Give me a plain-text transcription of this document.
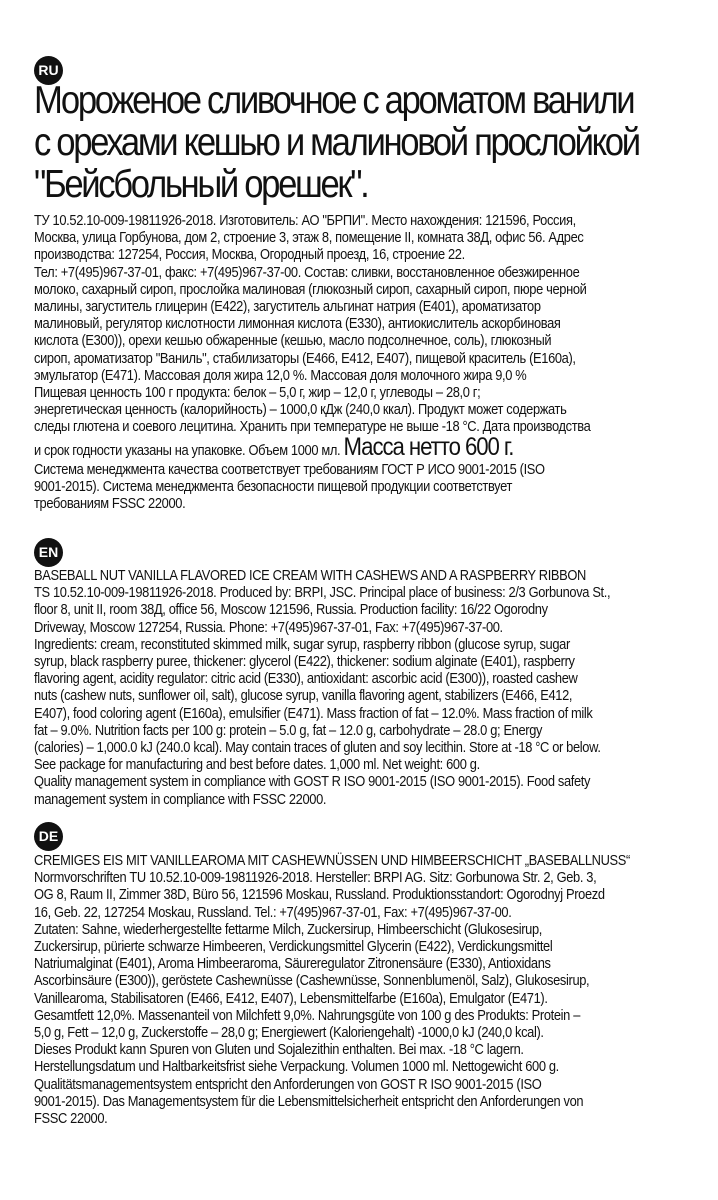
RU
Мороженое сливочное с ароматом ванили
с орехами кешью и малиновой прослойкой
"Бейсбольный орешек".
ТУ 10.52.10-009-19811926-2018. Изготовитель: АО "БРПИ". Место нахождения: 121596, Россия,
Москва, улица Горбунова, дом 2, строение 3, этаж 8, помещение II, комната 38Д, офис 56. Адрес
производства: 127254, Россия, Москва, Огородный проезд, 16, строение 22.
Тел: +7(495)967-37-01, факс: +7(495)967-37-00. Состав: сливки, восстановленное обезжиренное
молоко, сахарный сироп, прослойка малиновая (глюкозный сироп, сахарный сироп, пюре черной
малины, загуститель глицерин (Е422), загуститель альгинат натрия (Е401), ароматизатор
малиновый, регулятор кислотности лимонная кислота (Е330), антиокислитель аскорбиновая
кислота (Е300)), орехи кешью обжаренные (кешью, масло подсолнечное, соль), глюкозный
сироп, ароматизатор "Ваниль", стабилизаторы (Е466, Е412, Е407), пищевой краситель (Е160а),
эмульгатор (Е471). Массовая доля жира 12,0 %. Массовая доля молочного жира 9,0 %
Пищевая ценность 100 г продукта: белок – 5,0 г, жир – 12,0 г, углеводы – 28,0 г;
энергетическая ценность (калорийность) – 1000,0 кДж (240,0 ккал). Продукт может содержать
следы глютена и соевого лецитина. Хранить при температуре не выше -18 °С. Дата производства
и срок годности указаны на упаковке. Объем 1000 мл. Масса нетто 600 г.
Система менеджмента качества соответствует требованиям ГОСТ Р ИСО 9001-2015 (ISO
9001-2015). Система менеджмента безопасности пищевой продукции соответствует
требованиям FSSC 22000.
EN
BASEBALL NUT VANILLA FLAVORED ICE CREAM WITH CASHEWS AND A RASPBERRY RIBBON
TS 10.52.10-009-19811926-2018. Produced by: BRPI, JSC. Principal place of business: 2/3 Gorbunova St.,
floor 8, unit II, room 38Д, office 56, Moscow 121596, Russia. Production facility: 16/22 Ogorodny
Driveway, Moscow 127254, Russia. Phone: +7(495)967-37-01, Fax: +7(495)967-37-00.
Ingredients: cream, reconstituted skimmed milk, sugar syrup, raspberry ribbon (glucose syrup, sugar
syrup, black raspberry puree, thickener: glycerol (E422), thickener: sodium alginate (E401), raspberry
flavoring agent, acidity regulator: citric acid (E330), antioxidant: ascorbic acid (E300)), roasted cashew
nuts (cashew nuts, sunflower oil, salt), glucose syrup, vanilla flavoring agent, stabilizers (E466, E412,
E407), food coloring agent (E160a), emulsifier (E471). Mass fraction of fat – 12.0%. Mass fraction of milk
fat – 9.0%. Nutrition facts per 100 g: protein – 5.0 g, fat – 12.0 g, carbohydrate – 28.0 g; Energy
(calories) – 1,000.0 kJ (240.0 kcal). May contain traces of gluten and soy lecithin. Store at -18 °C or below.
See package for manufacturing and best before dates. 1,000 ml. Net weight: 600 g.
Quality management system in compliance with GOST R ISO 9001-2015 (ISO 9001-2015). Food safety
management system in compliance with FSSC 22000.
DE
CREMIGES EIS MIT VANILLEAROMA MIT CASHEWNÜSSEN UND HIMBEERSCHICHT „BASEBALLNUSS“
Normvorschriften TU 10.52.10-009-19811926-2018. Hersteller: BRPI AG. Sitz: Gorbunowa Str. 2, Geb. 3,
OG 8, Raum II, Zimmer 38D, Büro 56, 121596 Moskau, Russland. Produktionsstandort: Ogorodnyj Proezd
16, Geb. 22, 127254 Moskau, Russland. Tel.: +7(495)967-37-01, Fax: +7(495)967-37-00.
Zutaten: Sahne, wiederhergestellte fettarme Milch, Zuckersirup, Himbeerschicht (Glukosesirup,
Zuckersirup, pürierte schwarze Himbeeren, Verdickungsmittel Glycerin (E422), Verdickungsmittel
Natriumalginat (E401), Aroma Himbeeraroma, Säureregulator Zitronensäure (E330), Antioxidans
Ascorbinsäure (E300)), geröstete Cashewnüsse (Cashewnüsse, Sonnenblumenöl, Salz), Glukosesirup,
Vanillearoma, Stabilisatoren (E466, E412, E407), Lebensmittelfarbe (E160a), Emulgator (E471).
Gesamtfett 12,0%. Massenanteil von Milchfett 9,0%. Nahrungsgüte von 100 g des Produkts: Protein –
5,0 g, Fett – 12,0 g, Zuckerstoffe – 28,0 g; Energiewert (Kaloriengehalt) -1000,0 kJ (240,0 kcal).
Dieses Produkt kann Spuren von Gluten und Sojalezithin enthalten. Bei max. -18 °C lagern.
Herstellungsdatum und Haltbarkeitsfrist siehe Verpackung. Volumen 1000 ml. Nettogewicht 600 g.
Qualitätsmanagementsystem entspricht den Anforderungen von GOST R ISO 9001-2015 (ISO
9001-2015). Das Managementsystem für die Lebensmittelsicherheit entspricht den Anforderungen von
FSSC 22000.
